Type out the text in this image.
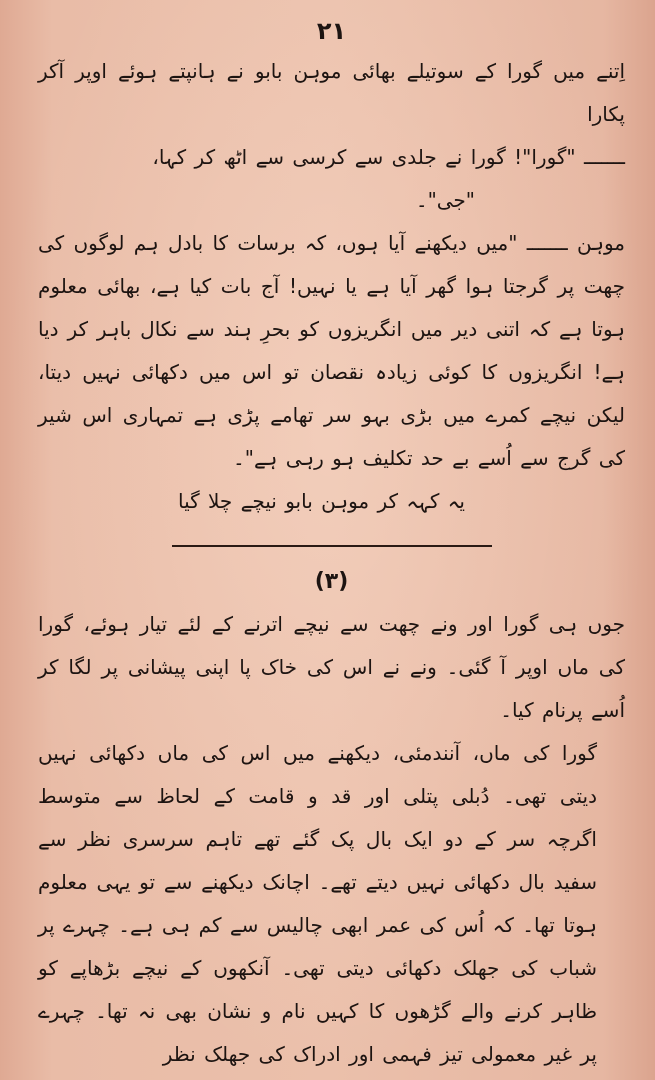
۲۱

اِتنے میں گورا کے سوتیلے بھائی موہن بابو نے ہانپتے ہوئے اوپر آکر پکارا

ـــــــ "گورا"! گورا نے جلدی سے کرسی سے اٹھ کر کہا،

"جی"۔

موہن ـــــــ "میں دیکھنے آیا ہوں، کہ برسات کا بادل ہم لوگوں کی چھت پر گرجتا ہوا گھر آیا ہے یا نہیں! آج بات کیا ہے، بھائی معلوم ہوتا ہے کہ اتنی دیر میں انگریزوں کو بحرِ ہند سے نکال باہر کر دیا ہے! انگریزوں کا کوئی زیادہ نقصان تو اس میں دکھائی نہیں دیتا، لیکن نیچے کمرے میں بڑی بہو سر تھامے پڑی ہے تمہاری اس شیر کی گرج سے اُسے بے حد تکلیف ہو رہی ہے"۔

یہ کہہ کر موہن بابو نیچے چلا گیا

(۳)

جوں ہی گورا اور ونے چھت سے نیچے اترنے کے لئے تیار ہوئے، گورا کی ماں اوپر آ گئی۔ ونے نے اس کی خاک پا اپنی پیشانی پر لگا کر اُسے پرنام کیا۔

گورا کی ماں، آنندمئی، دیکھنے میں اس کی ماں دکھائی نہیں دیتی تھی۔ دُبلی پتلی اور قد و قامت کے لحاظ سے متوسط اگرچہ سر کے دو ایک بال پک گئے تھے تاہم سرسری نظر سے سفید بال دکھائی نہیں دیتے تھے۔ اچانک دیکھنے سے تو یہی معلوم ہوتا تھا۔ کہ اُس کی عمر ابھی چالیس سے کم ہی ہے۔ چہرے پر شباب کی جھلک دکھائی دیتی تھی۔ آنکھوں کے نیچے بڑھاپے کو ظاہر کرنے والے گڑھوں کا کہیں نام و نشان بھی نہ تھا۔ چہرے پر غیر معمولی تیز فہمی اور ادراک کی جھلک نظر
